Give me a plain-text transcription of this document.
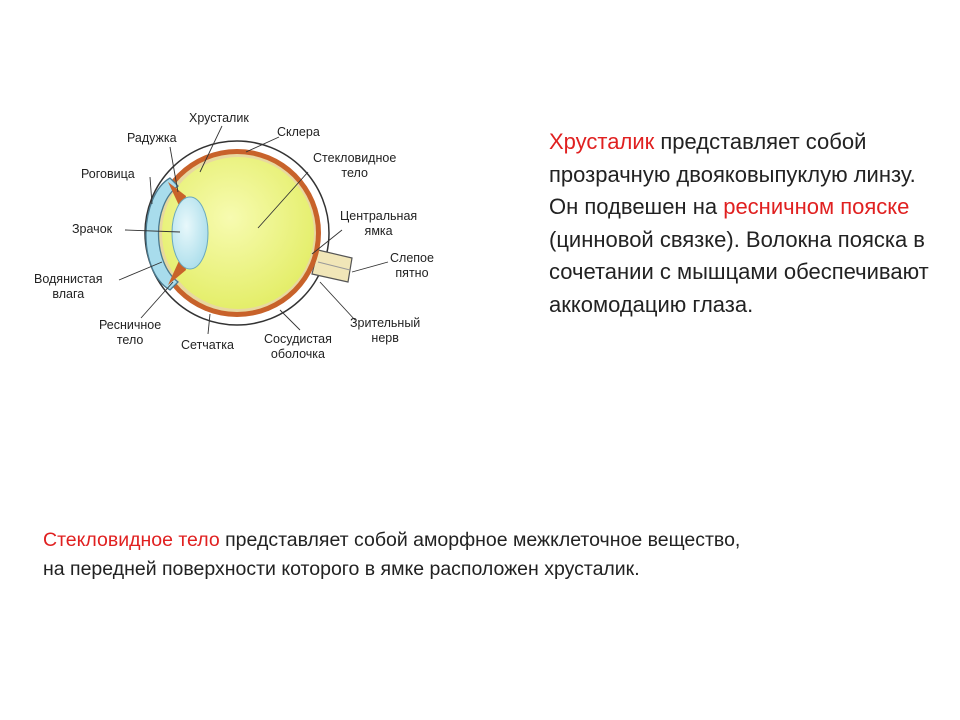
Хрусталик
Склера
Радужка
Стекловидное
тело
Роговица
Центральная
ямка
Зрачок
Слепое
пятно
Водянистая
влага
Ресничное
тело
Зрительный
нерв
Сетчатка Сосудистая
оболочка
Хрусталик представляет собой прозрачную двояковыпуклую линзу. Он подвешен на ресничном пояске (цинновой связке). Волокна пояска в сочетании с мышцами обеспечивают аккомодацию глаза.
Стекловидное тело представляет собой аморфное межклеточное вещество,
на передней поверхности которого в ямке расположен хрусталик.
